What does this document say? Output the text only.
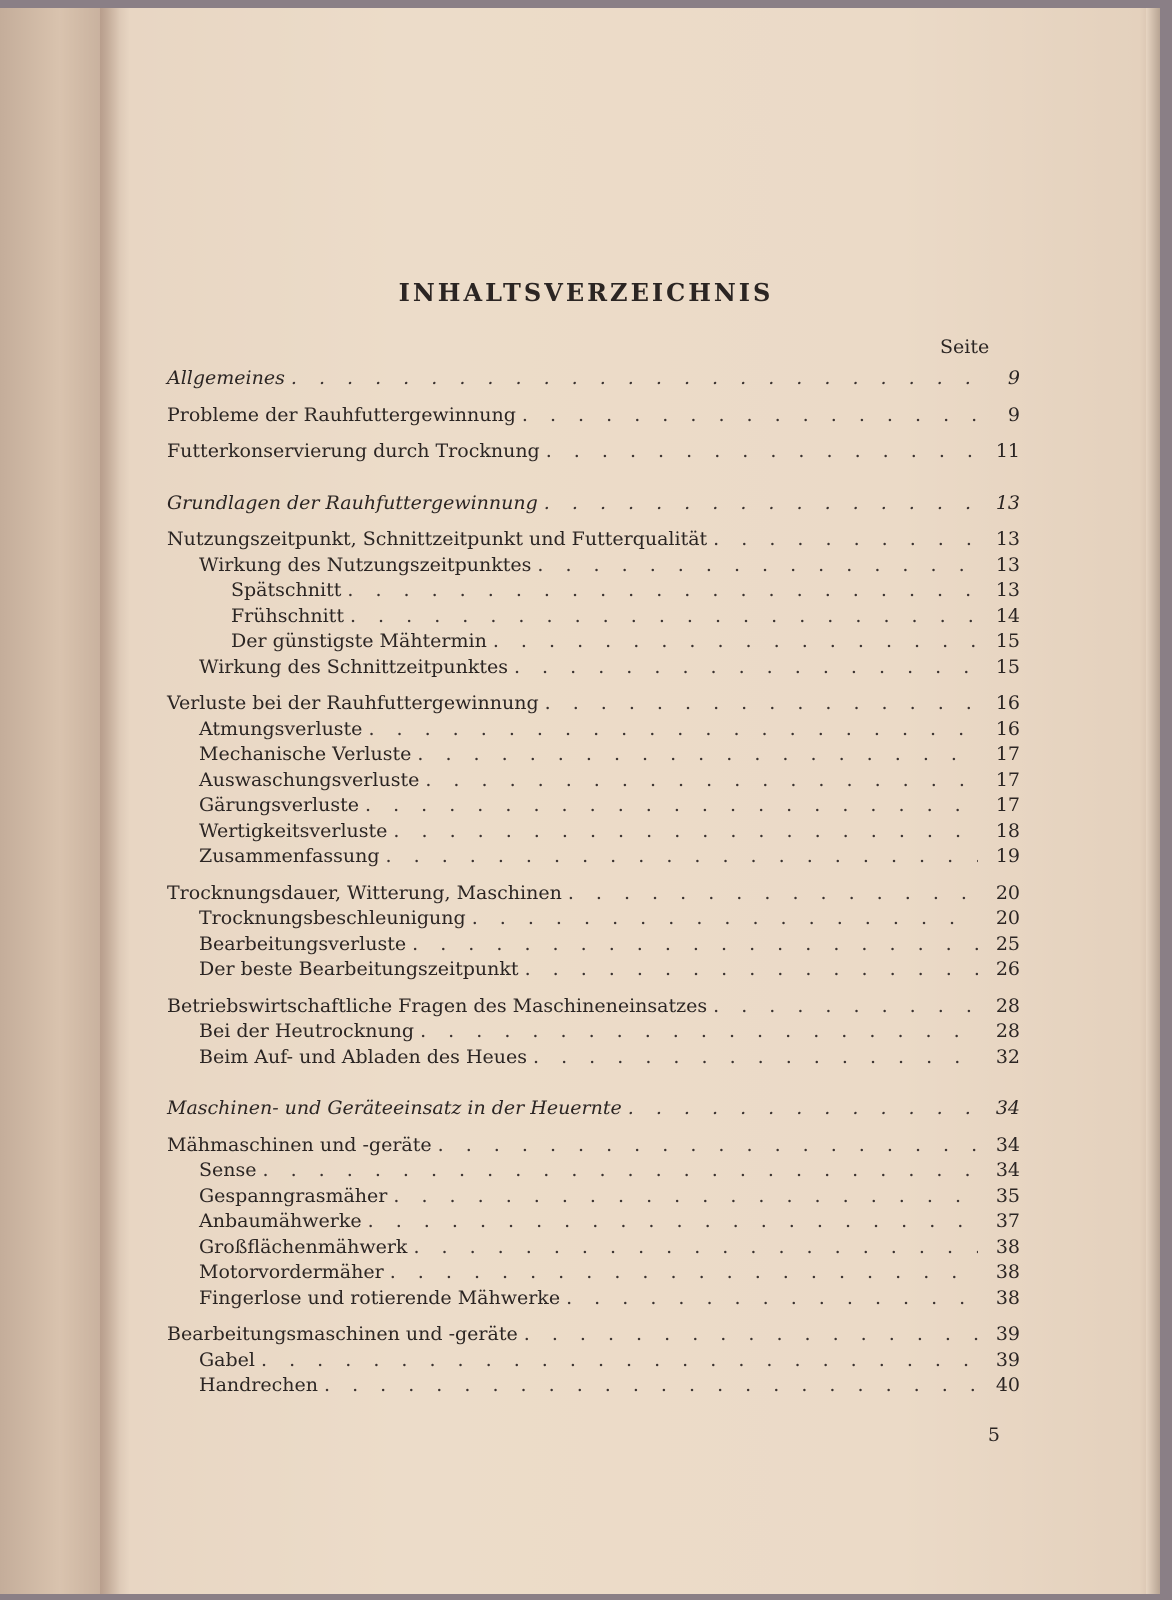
INHALTSVERZEICHNIS
Seite
Allgemeines . . .	9
Probleme der Rauhfuttergewinnung . . .	9
Futterkonservierung durch Trocknung . . .	11
Grundlagen der Rauhfuttergewinnung . . .	13
Nutzungszeitpunkt, Schnittzeitpunkt und Futterqualität . . .	13
Wirkung des Nutzungszeitpunktes . . .	13
Spätschnitt . . .	13
Frühschnitt . . .	14
Der günstigste Mähtermin . . .	15
Wirkung des Schnittzeitpunktes . . .	15
Verluste bei der Rauhfuttergewinnung . . .	16
Atmungsverluste . . .	16
Mechanische Verluste . . .	17
Auswaschungsverluste . . .	17
Gärungsverluste . . .	17
Wertigkeitsverluste . . .	18
Zusammenfassung . . .	19
Trocknungsdauer, Witterung, Maschinen . . .	20
Trocknungsbeschleunigung . . .	20
Bearbeitungsverluste . . .	25
Der beste Bearbeitungszeitpunkt . . .	26
Betriebswirtschaftliche Fragen des Maschineneinsatzes . . .	28
Bei der Heutrocknung . . .	28
Beim Auf- und Abladen des Heues . . .	32
Maschinen- und Geräteeinsatz in der Heuernte . . .	34
Mähmaschinen und -geräte . . .	34
Sense . . .	34
Gespanngrasmäher . . .	35
Anbaumähwerke . . .	37
Großflächenmähwerk . . .	38
Motorvordermäher . . .	38
Fingerlose und rotierende Mähwerke . . .	38
Bearbeitungsmaschinen und -geräte . . .	39
Gabel . . .	39
Handrechen . . .	40
5
